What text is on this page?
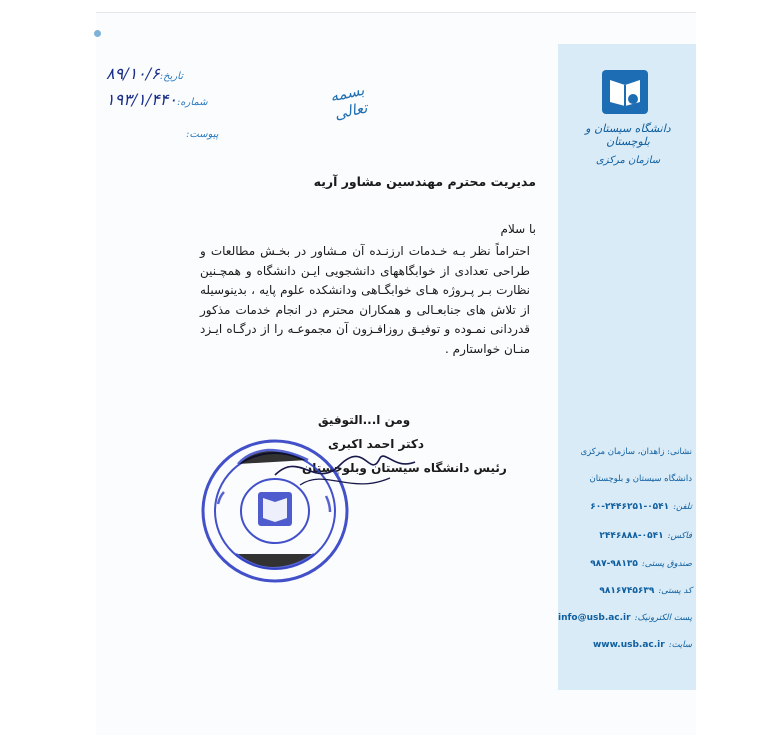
دانشگاه سیستان و بلوچستان
سازمان مرکزی
نشانی: زاهدان، سازمان مرکزی
دانشگاه سیستان و بلوچستان
تلفن:۰۵۴۱-۲۴۴۶۲۵۱-۶۰
فاکس:۰۵۴۱-۲۴۴۶۸۸۸
صندوق پستی:۹۸۱۳۵-۹۸۷
کد پستی:۹۸۱۶۷۴۵۶۳۹
پست الکترونیک:info@usb.ac.ir
سایت:www.usb.ac.ir
تاریخ:۸۹/۱۰/۶
شماره:۱۹۳/۱/۴۴۰
پیوست:
بسمه تعالی
مدیریت محترم مهندسین مشاور آریه
با سلام
احتراماً نظر بـه خـدمات ارزنـده آن مـشاور در بخـش مطالعات و طراحی تعدادی از خوابگاههای دانشجویی ایـن دانشگاه و همچـنین نظارت بـر پـروژه هـای خوابگـاهی ودانشکده علوم پایه ، بدینوسیله از تلاش های جنابعـالی و همکاران محترم در انجام خدمات مذکور قدردانی نمـوده و توفیـق روزافـزون آن مجموعـه را از درگـاه ایـزد منـان خواستارم .
ومن ا...التوفیق
دکتر احمد اکبری
رئیس دانشگاه سیستان وبلوچستان
